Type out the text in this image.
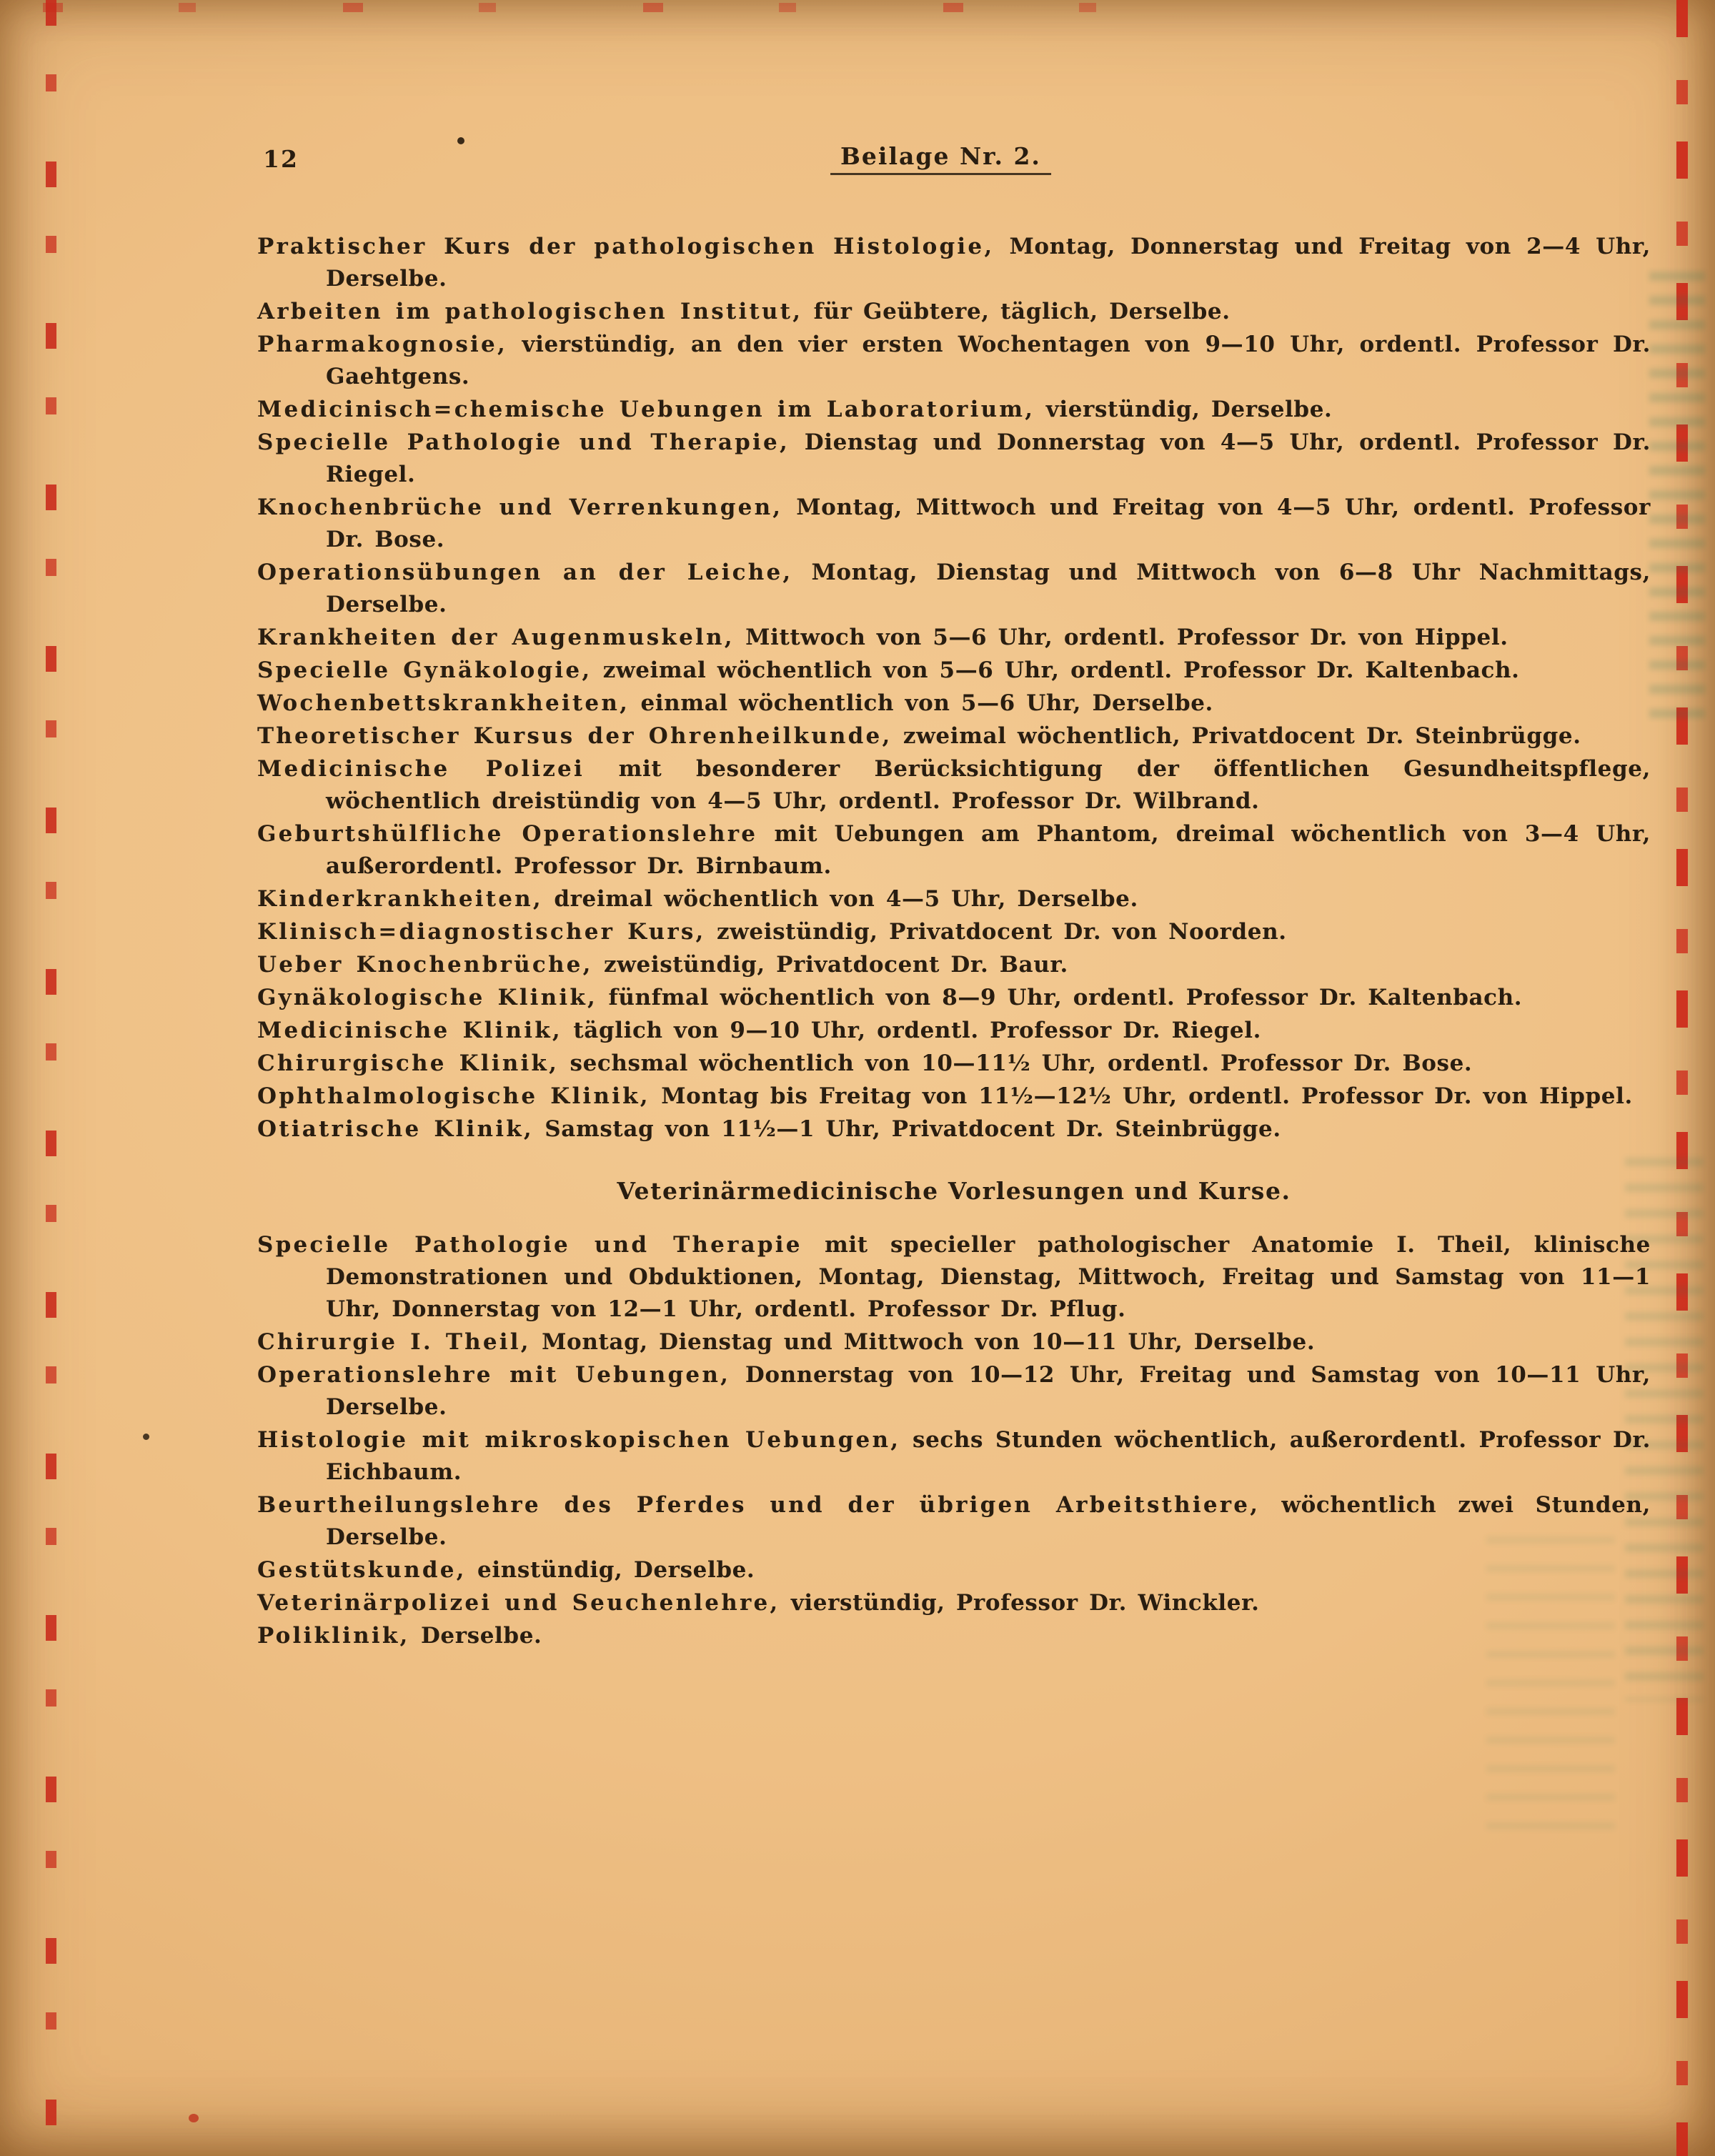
12	Beilage Nr. 2.

Praktischer Kurs der pathologischen Histologie, Montag, Donnerstag und Freitag von 2—4 Uhr, Derselbe.

Arbeiten im pathologischen Institut, für Geübtere, täglich, Derselbe.

Pharmakognosie, vierstündig, an den vier ersten Wochentagen von 9—10 Uhr, ordentl. Professor Dr. Gaehtgens.

Medicinisch=chemische Uebungen im Laboratorium, vierstündig, Derselbe.

Specielle Pathologie und Therapie, Dienstag und Donnerstag von 4—5 Uhr, ordentl. Professor Dr. Riegel.

Knochenbrüche und Verrenkungen, Montag, Mittwoch und Freitag von 4—5 Uhr, ordentl. Professor Dr. Bose.

Operationsübungen an der Leiche, Montag, Dienstag und Mittwoch von 6—8 Uhr Nachmittags, Derselbe.

Krankheiten der Augenmuskeln, Mittwoch von 5—6 Uhr, ordentl. Professor Dr. von Hippel.

Specielle Gynäkologie, zweimal wöchentlich von 5—6 Uhr, ordentl. Professor Dr. Kaltenbach.

Wochenbettskrankheiten, einmal wöchentlich von 5—6 Uhr, Derselbe.

Theoretischer Kursus der Ohrenheilkunde, zweimal wöchentlich, Privatdocent Dr. Steinbrügge.

Medicinische Polizei mit besonderer Berücksichtigung der öffentlichen Gesundheitspflege, wöchentlich dreistündig von 4—5 Uhr, ordentl. Professor Dr. Wilbrand.

Geburtshülfliche Operationslehre mit Uebungen am Phantom, dreimal wöchentlich von 3—4 Uhr, außerordentl. Professor Dr. Birnbaum.

Kinderkrankheiten, dreimal wöchentlich von 4—5 Uhr, Derselbe.

Klinisch=diagnostischer Kurs, zweistündig, Privatdocent Dr. von Noorden.

Ueber Knochenbrüche, zweistündig, Privatdocent Dr. Baur.

Gynäkologische Klinik, fünfmal wöchentlich von 8—9 Uhr, ordentl. Professor Dr. Kaltenbach.

Medicinische Klinik, täglich von 9—10 Uhr, ordentl. Professor Dr. Riegel.

Chirurgische Klinik, sechsmal wöchentlich von 10—11½ Uhr, ordentl. Professor Dr. Bose.

Ophthalmologische Klinik, Montag bis Freitag von 11½—12½ Uhr, ordentl. Professor Dr. von Hippel.

Otiatrische Klinik, Samstag von 11½—1 Uhr, Privatdocent Dr. Steinbrügge.

Veterinärmedicinische Vorlesungen und Kurse.

Specielle Pathologie und Therapie mit specieller pathologischer Anatomie I. Theil, klinische Demonstrationen und Obduktionen, Montag, Dienstag, Mittwoch, Freitag und Samstag von 11—1 Uhr, Donnerstag von 12—1 Uhr, ordentl. Professor Dr. Pflug.

Chirurgie I. Theil, Montag, Dienstag und Mittwoch von 10—11 Uhr, Derselbe.

Operationslehre mit Uebungen, Donnerstag von 10—12 Uhr, Freitag und Samstag von 10—11 Uhr, Derselbe.

Histologie mit mikroskopischen Uebungen, sechs Stunden wöchentlich, außerordentl. Professor Dr. Eichbaum.

Beurtheilungslehre des Pferdes und der übrigen Arbeitsthiere, wöchentlich zwei Stunden, Derselbe.

Gestütskunde, einstündig, Derselbe.

Veterinärpolizei und Seuchenlehre, vierstündig, Professor Dr. Winckler.

Poliklinik, Derselbe.
